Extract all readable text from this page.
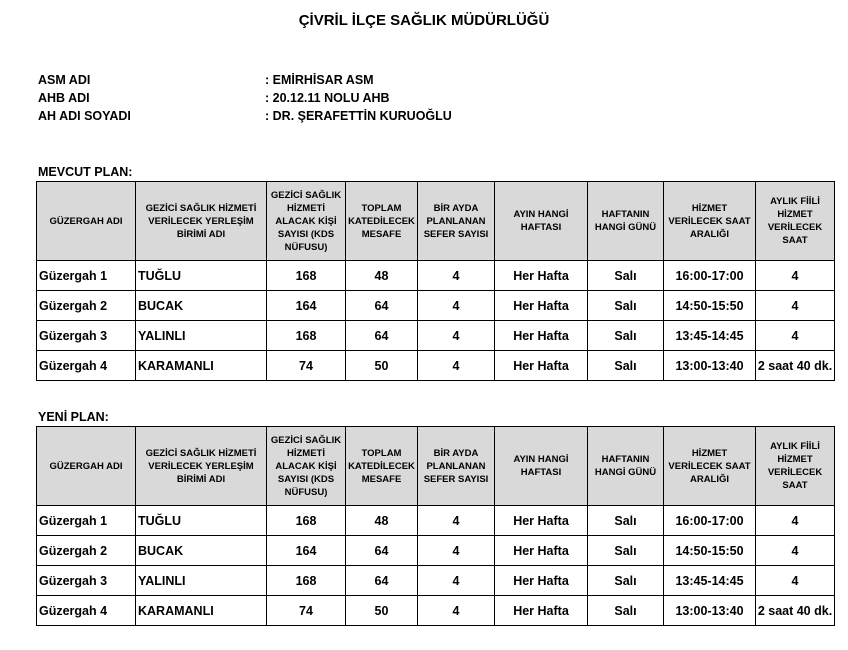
ÇİVRİL İLÇE SAĞLIK MÜDÜRLÜĞÜ
ASM ADI	: EMİRHİSAR ASM
AHB ADI	: 20.12.11 NOLU AHB
AH ADI SOYADI	: DR. ŞERAFETTİN KURUOĞLU
MEVCUT PLAN:
GÜZERGAH ADI	GEZİCİ SAĞLIK HİZMETİ VERİLECEK YERLEŞİM BİRİMİ ADI	GEZİCİ SAĞLIK HİZMETİ ALACAK KİŞİ SAYISI (KDS NÜFUSU)	TOPLAM KATEDİLECEK MESAFE	BİR AYDA PLANLANAN SEFER SAYISI	AYIN HANGİ HAFTASI	HAFTANIN HANGİ GÜNÜ	HİZMET VERİLECEK SAAT ARALIĞI	AYLIK FİİLİ HİZMET VERİLECEK SAAT
Güzergah 1	TUĞLU	168	48	4	Her Hafta	Salı	16:00-17:00	4
Güzergah 2	BUCAK	164	64	4	Her Hafta	Salı	14:50-15:50	4
Güzergah 3	YALINLI	168	64	4	Her Hafta	Salı	13:45-14:45	4
Güzergah 4	KARAMANLI	74	50	4	Her Hafta	Salı	13:00-13:40	2 saat 40 dk.
YENİ PLAN:
GÜZERGAH ADI	GEZİCİ SAĞLIK HİZMETİ VERİLECEK YERLEŞİM BİRİMİ ADI	GEZİCİ SAĞLIK HİZMETİ ALACAK KİŞİ SAYISI (KDS NÜFUSU)	TOPLAM KATEDİLECEK MESAFE	BİR AYDA PLANLANAN SEFER SAYISI	AYIN HANGİ HAFTASI	HAFTANIN HANGİ GÜNÜ	HİZMET VERİLECEK SAAT ARALIĞI	AYLIK FİİLİ HİZMET VERİLECEK SAAT
Güzergah 1	TUĞLU	168	48	4	Her Hafta	Salı	16:00-17:00	4
Güzergah 2	BUCAK	164	64	4	Her Hafta	Salı	14:50-15:50	4
Güzergah 3	YALINLI	168	64	4	Her Hafta	Salı	13:45-14:45	4
Güzergah 4	KARAMANLI	74	50	4	Her Hafta	Salı	13:00-13:40	2 saat 40 dk.
